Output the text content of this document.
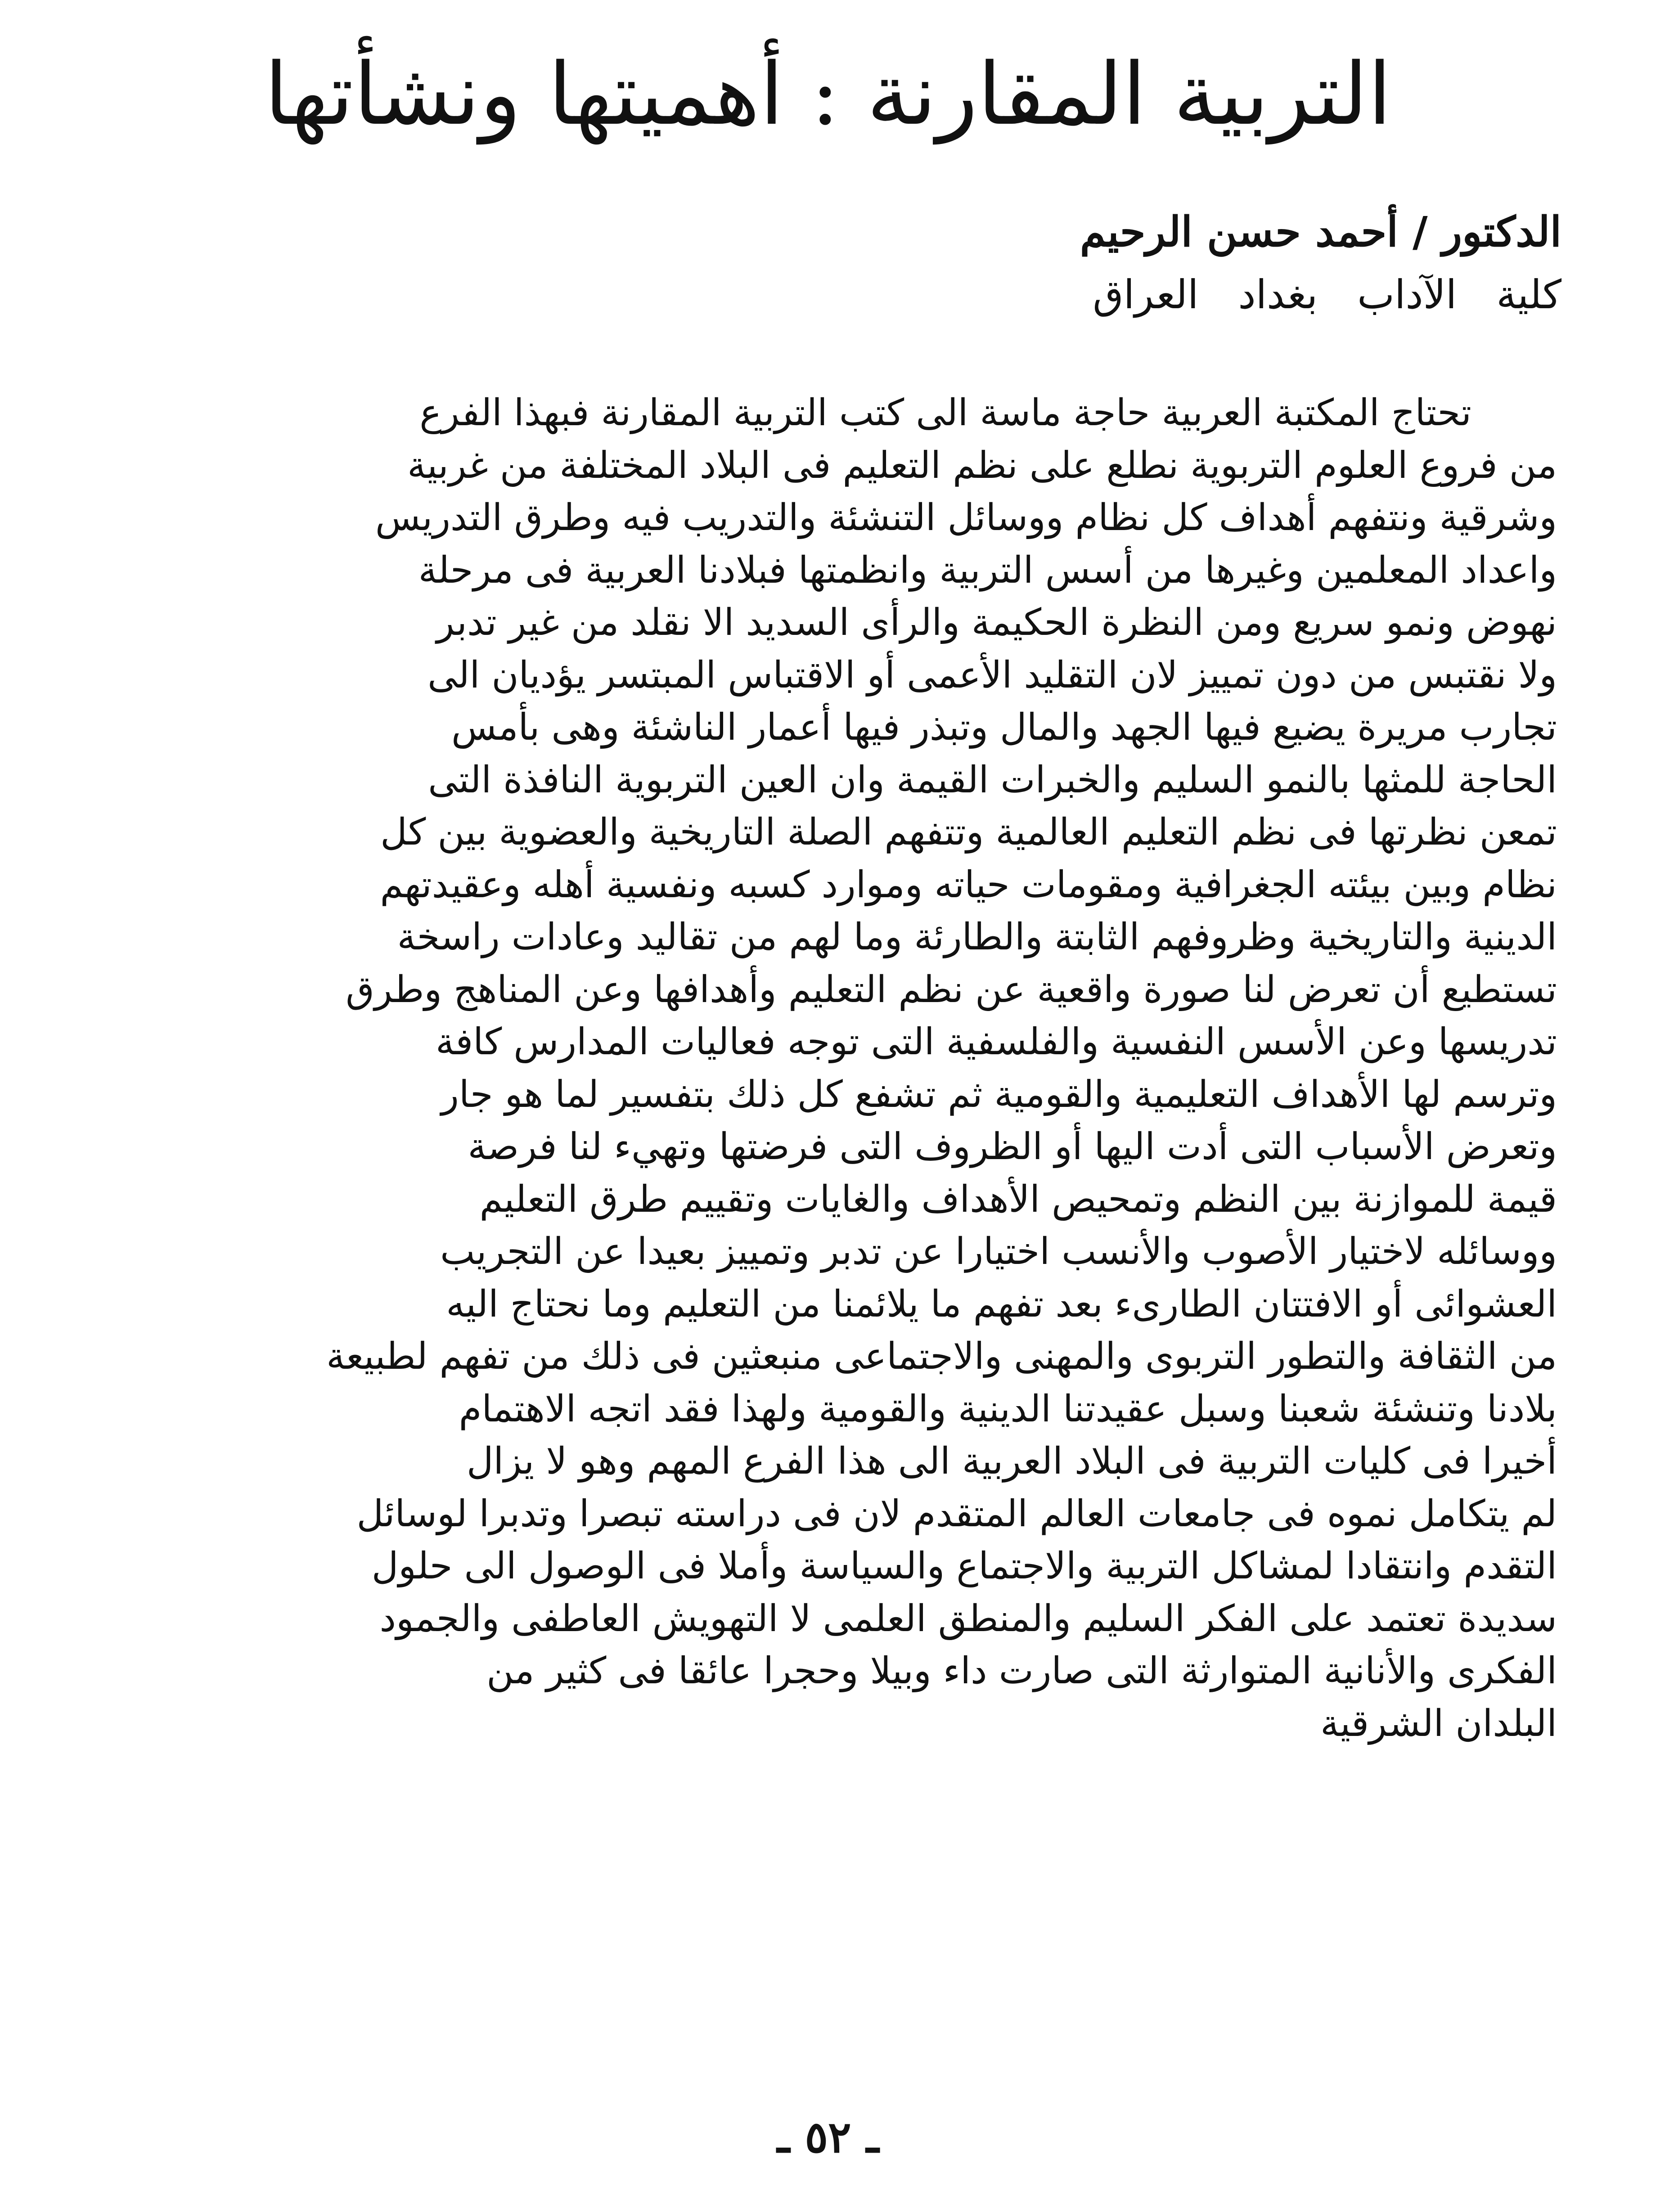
التربية المقارنة : أهميتها ونشأتها
الدكتور / أحمد حسن الرحيم
كلية الآداب بغداد العراق
تحتاج المكتبة العربية حاجة ماسة الى كتب التربية المقارنة فبهذا الفرع
من فروع العلوم التربوية نطلع على نظم التعليم فى البلاد المختلفة من غربية
وشرقية ونتفهم أهداف كل نظام ووسائل التنشئة والتدريب فيه وطرق التدريس
واعداد المعلمين وغيرها من أسس التربية وانظمتها فبلادنا العربية فى مرحلة
نهوض ونمو سريع ومن النظرة الحكيمة والرأى السديد الا نقلد من غير تدبر
ولا نقتبس من دون تمييز لان التقليد الأعمى أو الاقتباس المبتسر يؤديان الى
تجارب مريرة يضيع فيها الجهد والمال وتبذر فيها أعمار الناشئة وهى بأمس
الحاجة للمثها بالنمو السليم والخبرات القيمة وان العين التربوية النافذة التى
تمعن نظرتها فى نظم التعليم العالمية وتتفهم الصلة التاريخية والعضوية بين كل
نظام وبين بيئته الجغرافية ومقومات حياته وموارد كسبه ونفسية أهله وعقيدتهم
الدينية والتاريخية وظروفهم الثابتة والطارئة وما لهم من تقاليد وعادات راسخة
تستطيع أن تعرض لنا صورة واقعية عن نظم التعليم وأهدافها وعن المناهج وطرق
تدريسها وعن الأسس النفسية والفلسفية التى توجه فعاليات المدارس كافة
وترسم لها الأهداف التعليمية والقومية ثم تشفع كل ذلك بتفسير لما هو جار
وتعرض الأسباب التى أدت اليها أو الظروف التى فرضتها وتهيء لنا فرصة
قيمة للموازنة بين النظم وتمحيص الأهداف والغايات وتقييم طرق التعليم
ووسائله لاختيار الأصوب والأنسب اختيارا عن تدبر وتمييز بعيدا عن التجريب
العشوائى أو الافتتان الطارىء بعد تفهم ما يلائمنا من التعليم وما نحتاج اليه
من الثقافة والتطور التربوى والمهنى والاجتماعى منبعثين فى ذلك من تفهم لطبيعة
بلادنا وتنشئة شعبنا وسبل عقيدتنا الدينية والقومية ولهذا فقد اتجه الاهتمام
أخيرا فى كليات التربية فى البلاد العربية الى هذا الفرع المهم وهو لا يزال
لم يتكامل نموه فى جامعات العالم المتقدم لان فى دراسته تبصرا وتدبرا لوسائل
التقدم وانتقادا لمشاكل التربية والاجتماع والسياسة وأملا فى الوصول الى حلول
سديدة تعتمد على الفكر السليم والمنطق العلمى لا التهويش العاطفى والجمود
الفكرى والأنانية المتوارثة التى صارت داء وبيلا وحجرا عائقا فى كثير من
البلدان الشرقية
ـ ٥٢ ـ
